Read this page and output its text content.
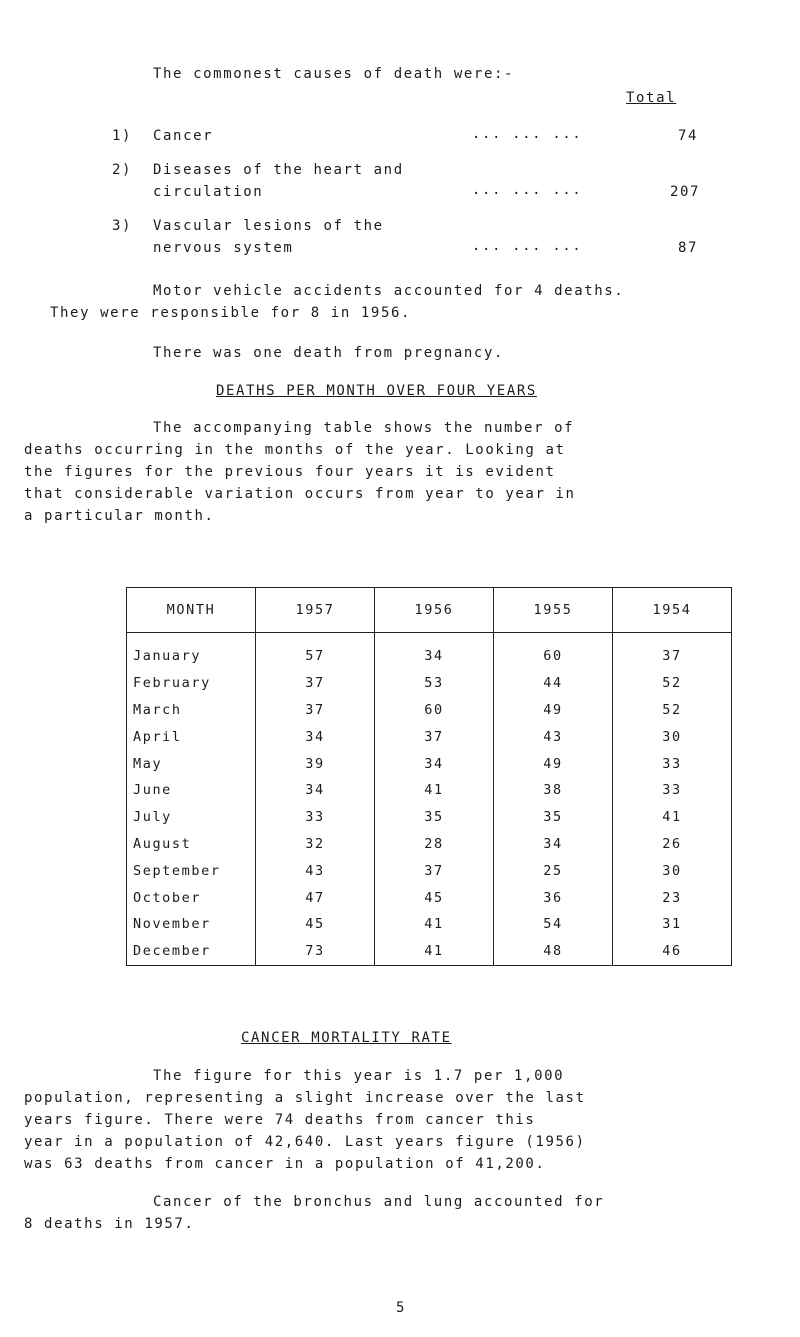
The commonest causes of death were:-
Total
1) Cancer	... ... ...	74
2) Diseases of the heart and
circulation	... ... ...	207
3) Vascular lesions of the
nervous system	... ... ...	87
Motor vehicle accidents accounted for 4 deaths.
They were responsible for 8 in 1956.
There was one death from pregnancy.
DEATHS PER MONTH OVER FOUR YEARS
The accompanying table shows the number of
deaths occurring in the months of the year. Looking at
the figures for the previous four years it is evident
that considerable variation occurs from year to year in
a particular month.
MONTH	1957	1956	1955	1954
January	57	34	60	37
February	37	53	44	52
March	37	60	49	52
April	34	37	43	30
May	39	34	49	33
June	34	41	38	33
July	33	35	35	41
August	32	28	34	26
September	43	37	25	30
October	47	45	36	23
November	45	41	54	31
December	73	41	48	46
CANCER MORTALITY RATE
The figure for this year is 1.7 per 1,000
population, representing a slight increase over the last
years figure. There were 74 deaths from cancer this
year in a population of 42,640. Last years figure (1956)
was 63 deaths from cancer in a population of 41,200.
Cancer of the bronchus and lung accounted for
8 deaths in 1957.
5
